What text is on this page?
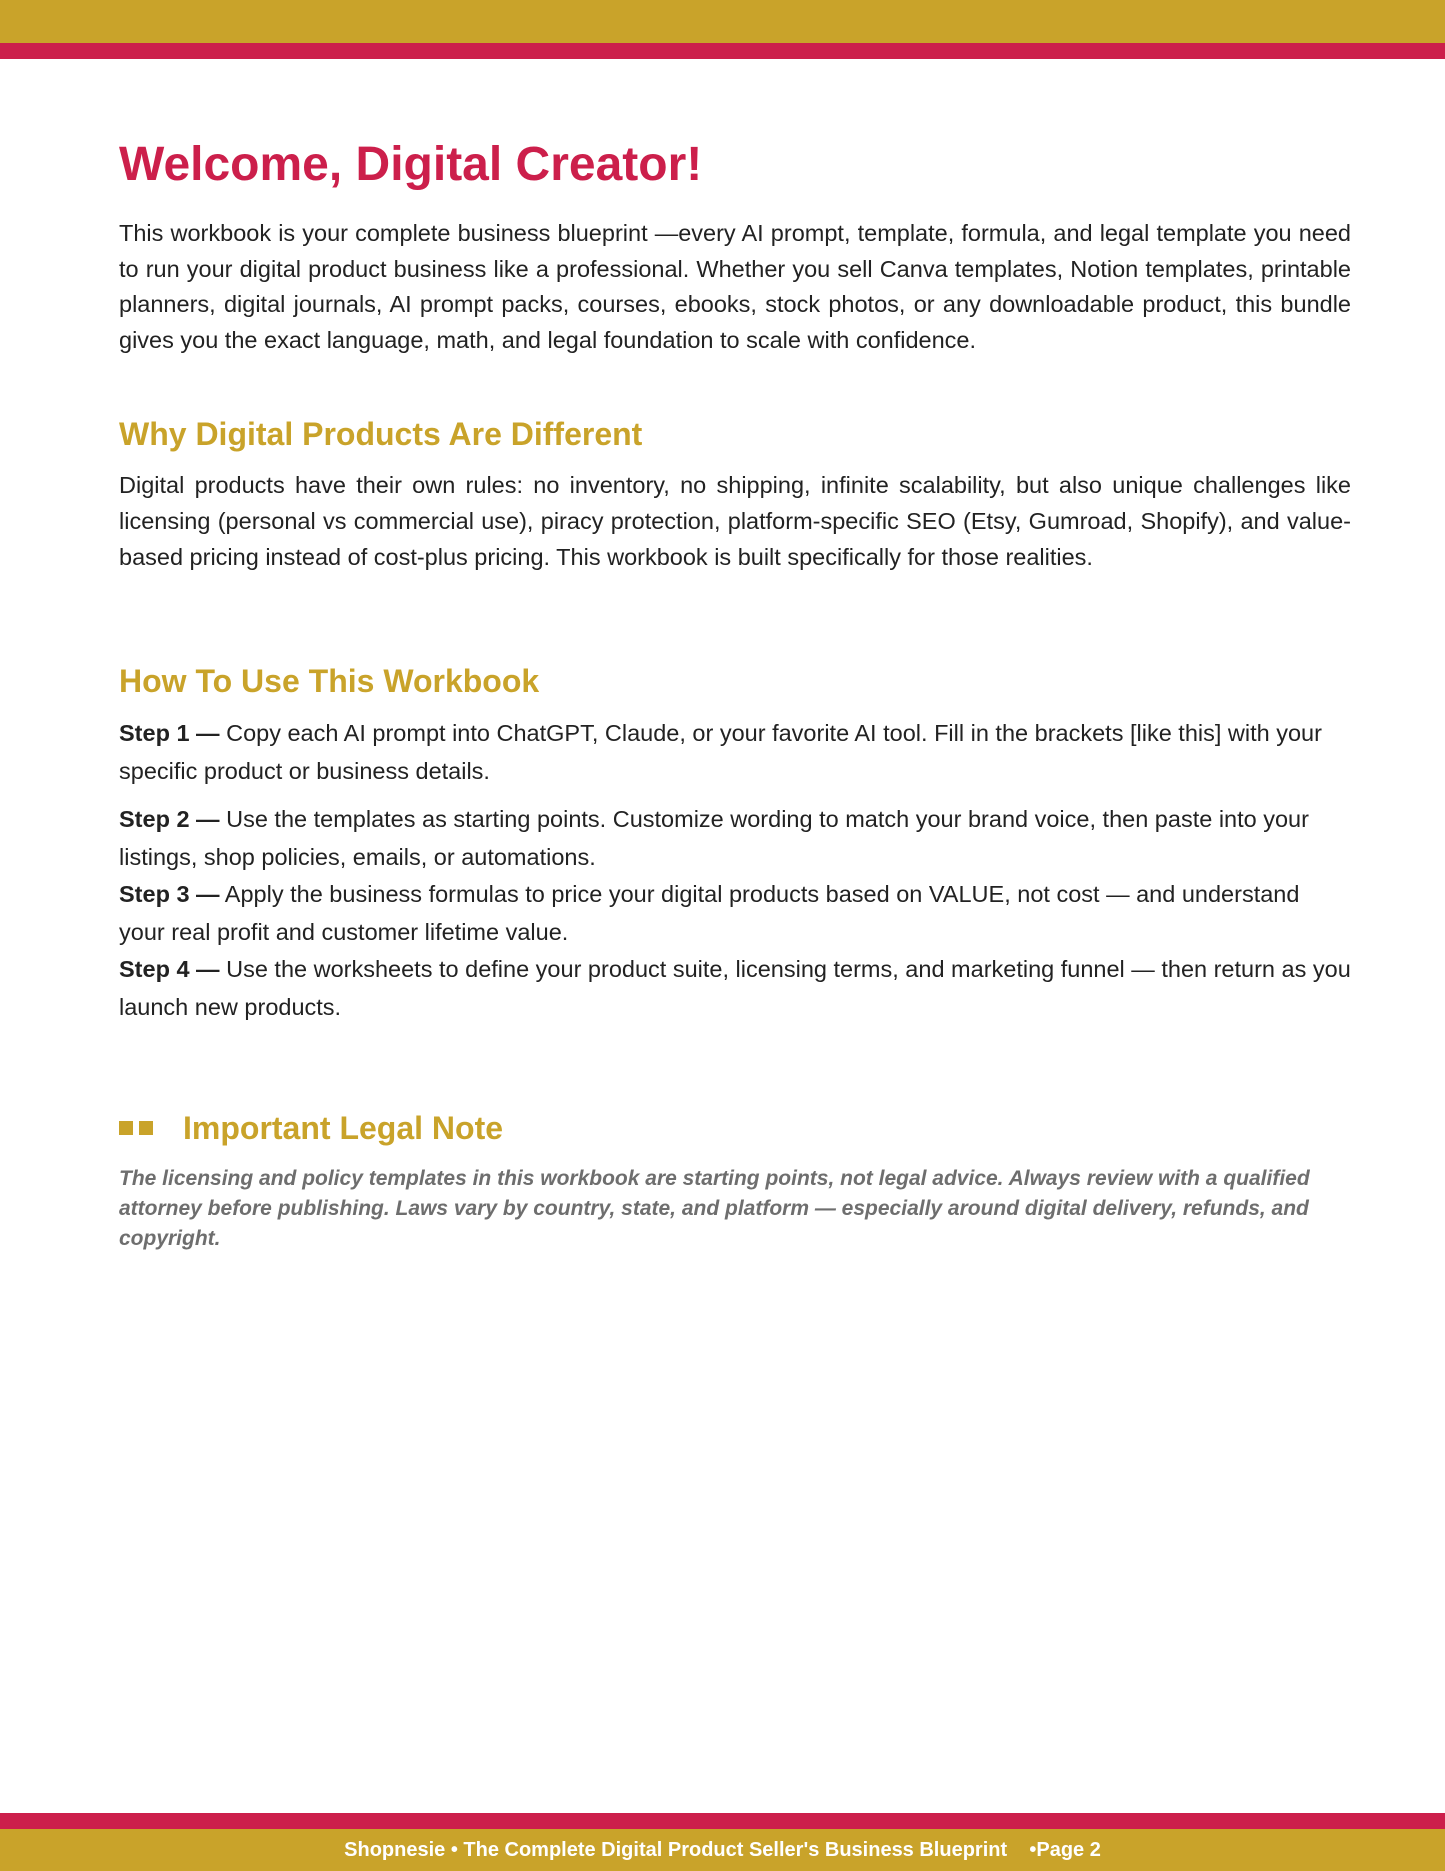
Welcome, Digital Creator!

This workbook is your complete business blueprint —every AI prompt, template, formula, and legal template you need to run your digital product business like a professional. Whether you sell Canva templates, Notion templates, printable planners, digital journals, AI prompt packs, courses, ebooks, stock photos, or any downloadable product, this bundle gives you the exact language, math, and legal foundation to scale with confidence.

Why Digital Products Are Different

Digital products have their own rules: no inventory, no shipping, infinite scalability, but also unique challenges like licensing (personal vs commercial use), piracy protection, platform-specific SEO (Etsy, Gumroad, Shopify), and value-based pricing instead of cost-plus pricing. This workbook is built specifically for those realities.

How To Use This Workbook

Step 1 — Copy each AI prompt into ChatGPT, Claude, or your favorite AI tool. Fill in the brackets [like this] with your specific product or business details.

Step 2 — Use the templates as starting points. Customize wording to match your brand voice, then paste into your listings, shop policies, emails, or automations.

Step 3 — Apply the business formulas to price your digital products based on VALUE, not cost — and understand your real profit and customer lifetime value.

Step 4 — Use the worksheets to define your product suite, licensing terms, and marketing funnel — then return as you launch new products.

Important Legal Note

The licensing and policy templates in this workbook are starting points, not legal advice. Always review with a qualified attorney before publishing. Laws vary by country, state, and platform — especially around digital delivery, refunds, and copyright.

Shopnesie • The Complete Digital Product Seller's Business Blueprint    •Page 2
